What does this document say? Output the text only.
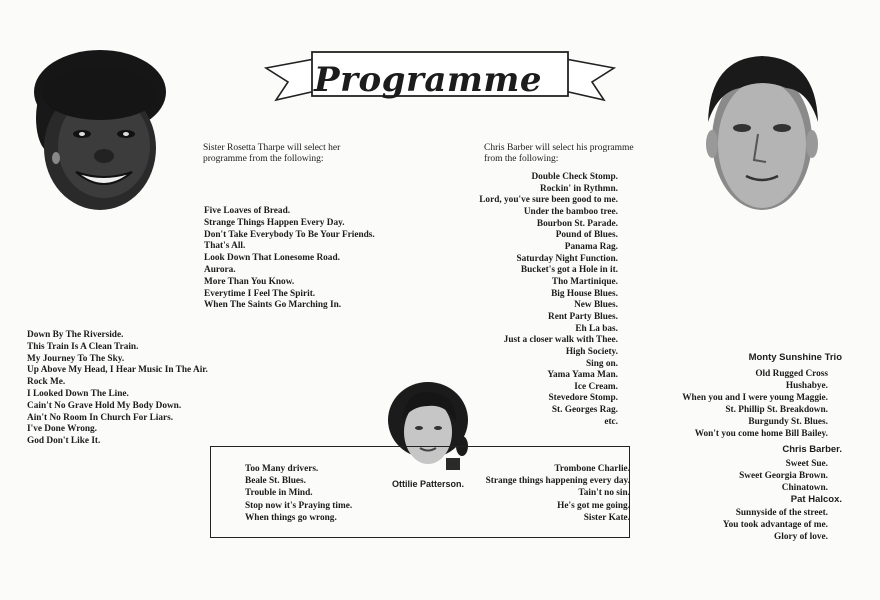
Programme
Sister Rosetta Tharpe will select her programme from the following:
Five Loaves of Bread.
Strange Things Happen Every Day.
Don't Take Everybody To Be Your Friends.
That's All.
Look Down That Lonesome Road.
Aurora.
More Than You Know.
Everytime I Feel The Spirit.
When The Saints Go Marching In.
Down By The Riverside.
This Train Is A Clean Train.
My Journey To The Sky.
Up Above My Head, I Hear Music In The Air.
Rock Me.
I Looked Down The Line.
Cain't No Grave Hold My Body Down.
Ain't No Room In Church For Liars.
I've Done Wrong.
God Don't Like It.
Chris Barber will select his programme from the following:
Double Check Stomp.
Rockin' in Rythmn.
Lord, you've sure been good to me.
Under the bamboo tree.
Bourbon St. Parade.
Pound of Blues.
Panama Rag.
Saturday Night Function.
Bucket's got a Hole in it.
Tho Martinique.
Big House Blues.
New Blues.
Rent Party Blues.
Eh La bas.
Just a closer walk with Thee.
High Society.
Sing on.
Yama Yama Man.
Ice Cream.
Stevedore Stomp.
St. Georges Rag.
etc.
Monty Sunshine Trio
Old Rugged Cross
Hushabye.
When you and I were young Maggie.
St. Phillip St. Breakdown.
Burgundy St. Blues.
Won't you come home Bill Bailey.
Chris Barber.
Sweet Sue.
Sweet Georgia Brown.
Chinatown.
Pat Halcox.
Sunnyside of the street.
You took advantage of me.
Glory of love.
Ottilie Patterson.
Too Many drivers.
Beale St. Blues.
Trouble in Mind.
Stop now it's Praying time.
When things go wrong.
Trombone Charlie.
Strange things happening every day.
Tain't no sin.
He's got me going.
Sister Kate.
